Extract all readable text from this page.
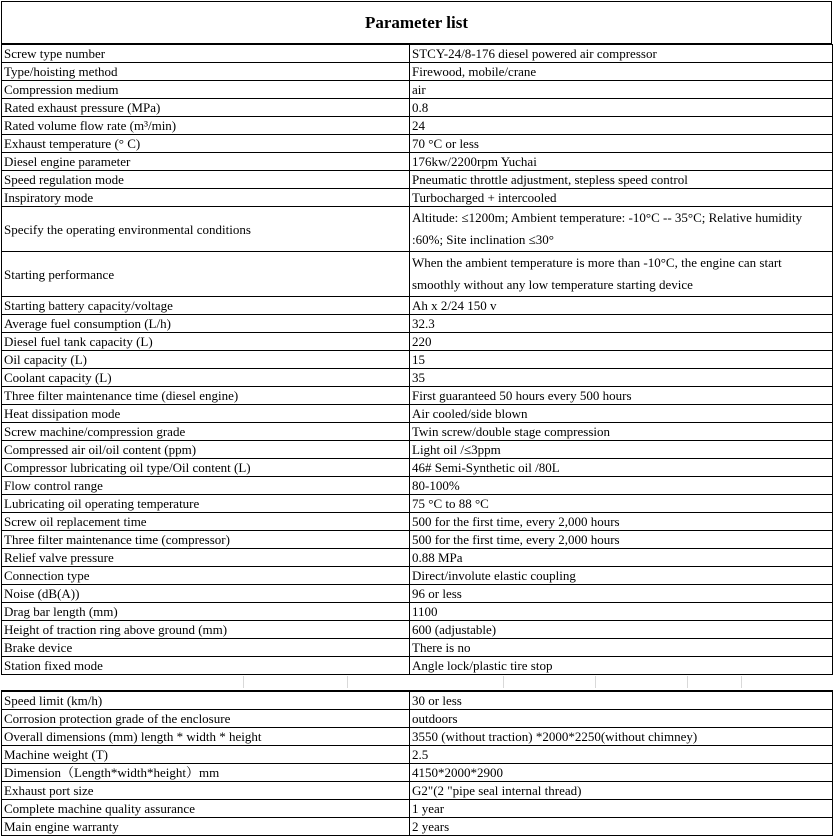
Parameter list
Screw type number	STCY-24/8-176 diesel powered air compressor
Type/hoisting method	Firewood, mobile/crane
Compression medium	air
Rated exhaust pressure (MPa)	0.8
Rated volume flow rate (m³/min)	24
Exhaust temperature (° C)	70 °C or less
Diesel engine parameter	176kw/2200rpm Yuchai
Speed regulation mode	Pneumatic throttle adjustment, stepless speed control
Inspiratory mode	Turbocharged + intercooled
Specify the operating environmental conditions	Altitude: ≤1200m; Ambient temperature: -10°C -- 35°C; Relative humidity :60%; Site inclination ≤30°
Starting performance	When the ambient temperature is more than -10°C, the engine can start smoothly without any low temperature starting device
Starting battery capacity/voltage	Ah x 2/24 150 v
Average fuel consumption (L/h)	32.3
Diesel fuel tank capacity (L)	220
Oil capacity (L)	15
Coolant capacity (L)	35
Three filter maintenance time (diesel engine)	First guaranteed 50 hours every 500 hours
Heat dissipation mode	Air cooled/side blown
Screw machine/compression grade	Twin screw/double stage compression
Compressed air oil/oil content (ppm)	Light oil /≤3ppm
Compressor lubricating oil type/Oil content (L)	46# Semi-Synthetic oil /80L
Flow control range	80-100%
Lubricating oil operating temperature	75 °C to 88 °C
Screw oil replacement time	500 for the first time, every 2,000 hours
Three filter maintenance time (compressor)	500 for the first time, every 2,000 hours
Relief valve pressure	0.88 MPa
Connection type	Direct/involute elastic coupling
Noise (dB(A))	96 or less
Drag bar length (mm)	1100
Height of traction ring above ground (mm)	600 (adjustable)
Brake device	There is no
Station fixed mode	Angle lock/plastic tire stop
Speed limit (km/h)	30 or less
Corrosion protection grade of the enclosure	outdoors
Overall dimensions (mm) length * width * height	3550 (without traction) *2000*2250(without chimney)
Machine weight (T)	2.5
Dimension（Length*width*height）mm	4150*2000*2900
Exhaust port size	G2"(2 "pipe seal internal thread)
Complete machine quality assurance	1 year
Main engine warranty	2 years
